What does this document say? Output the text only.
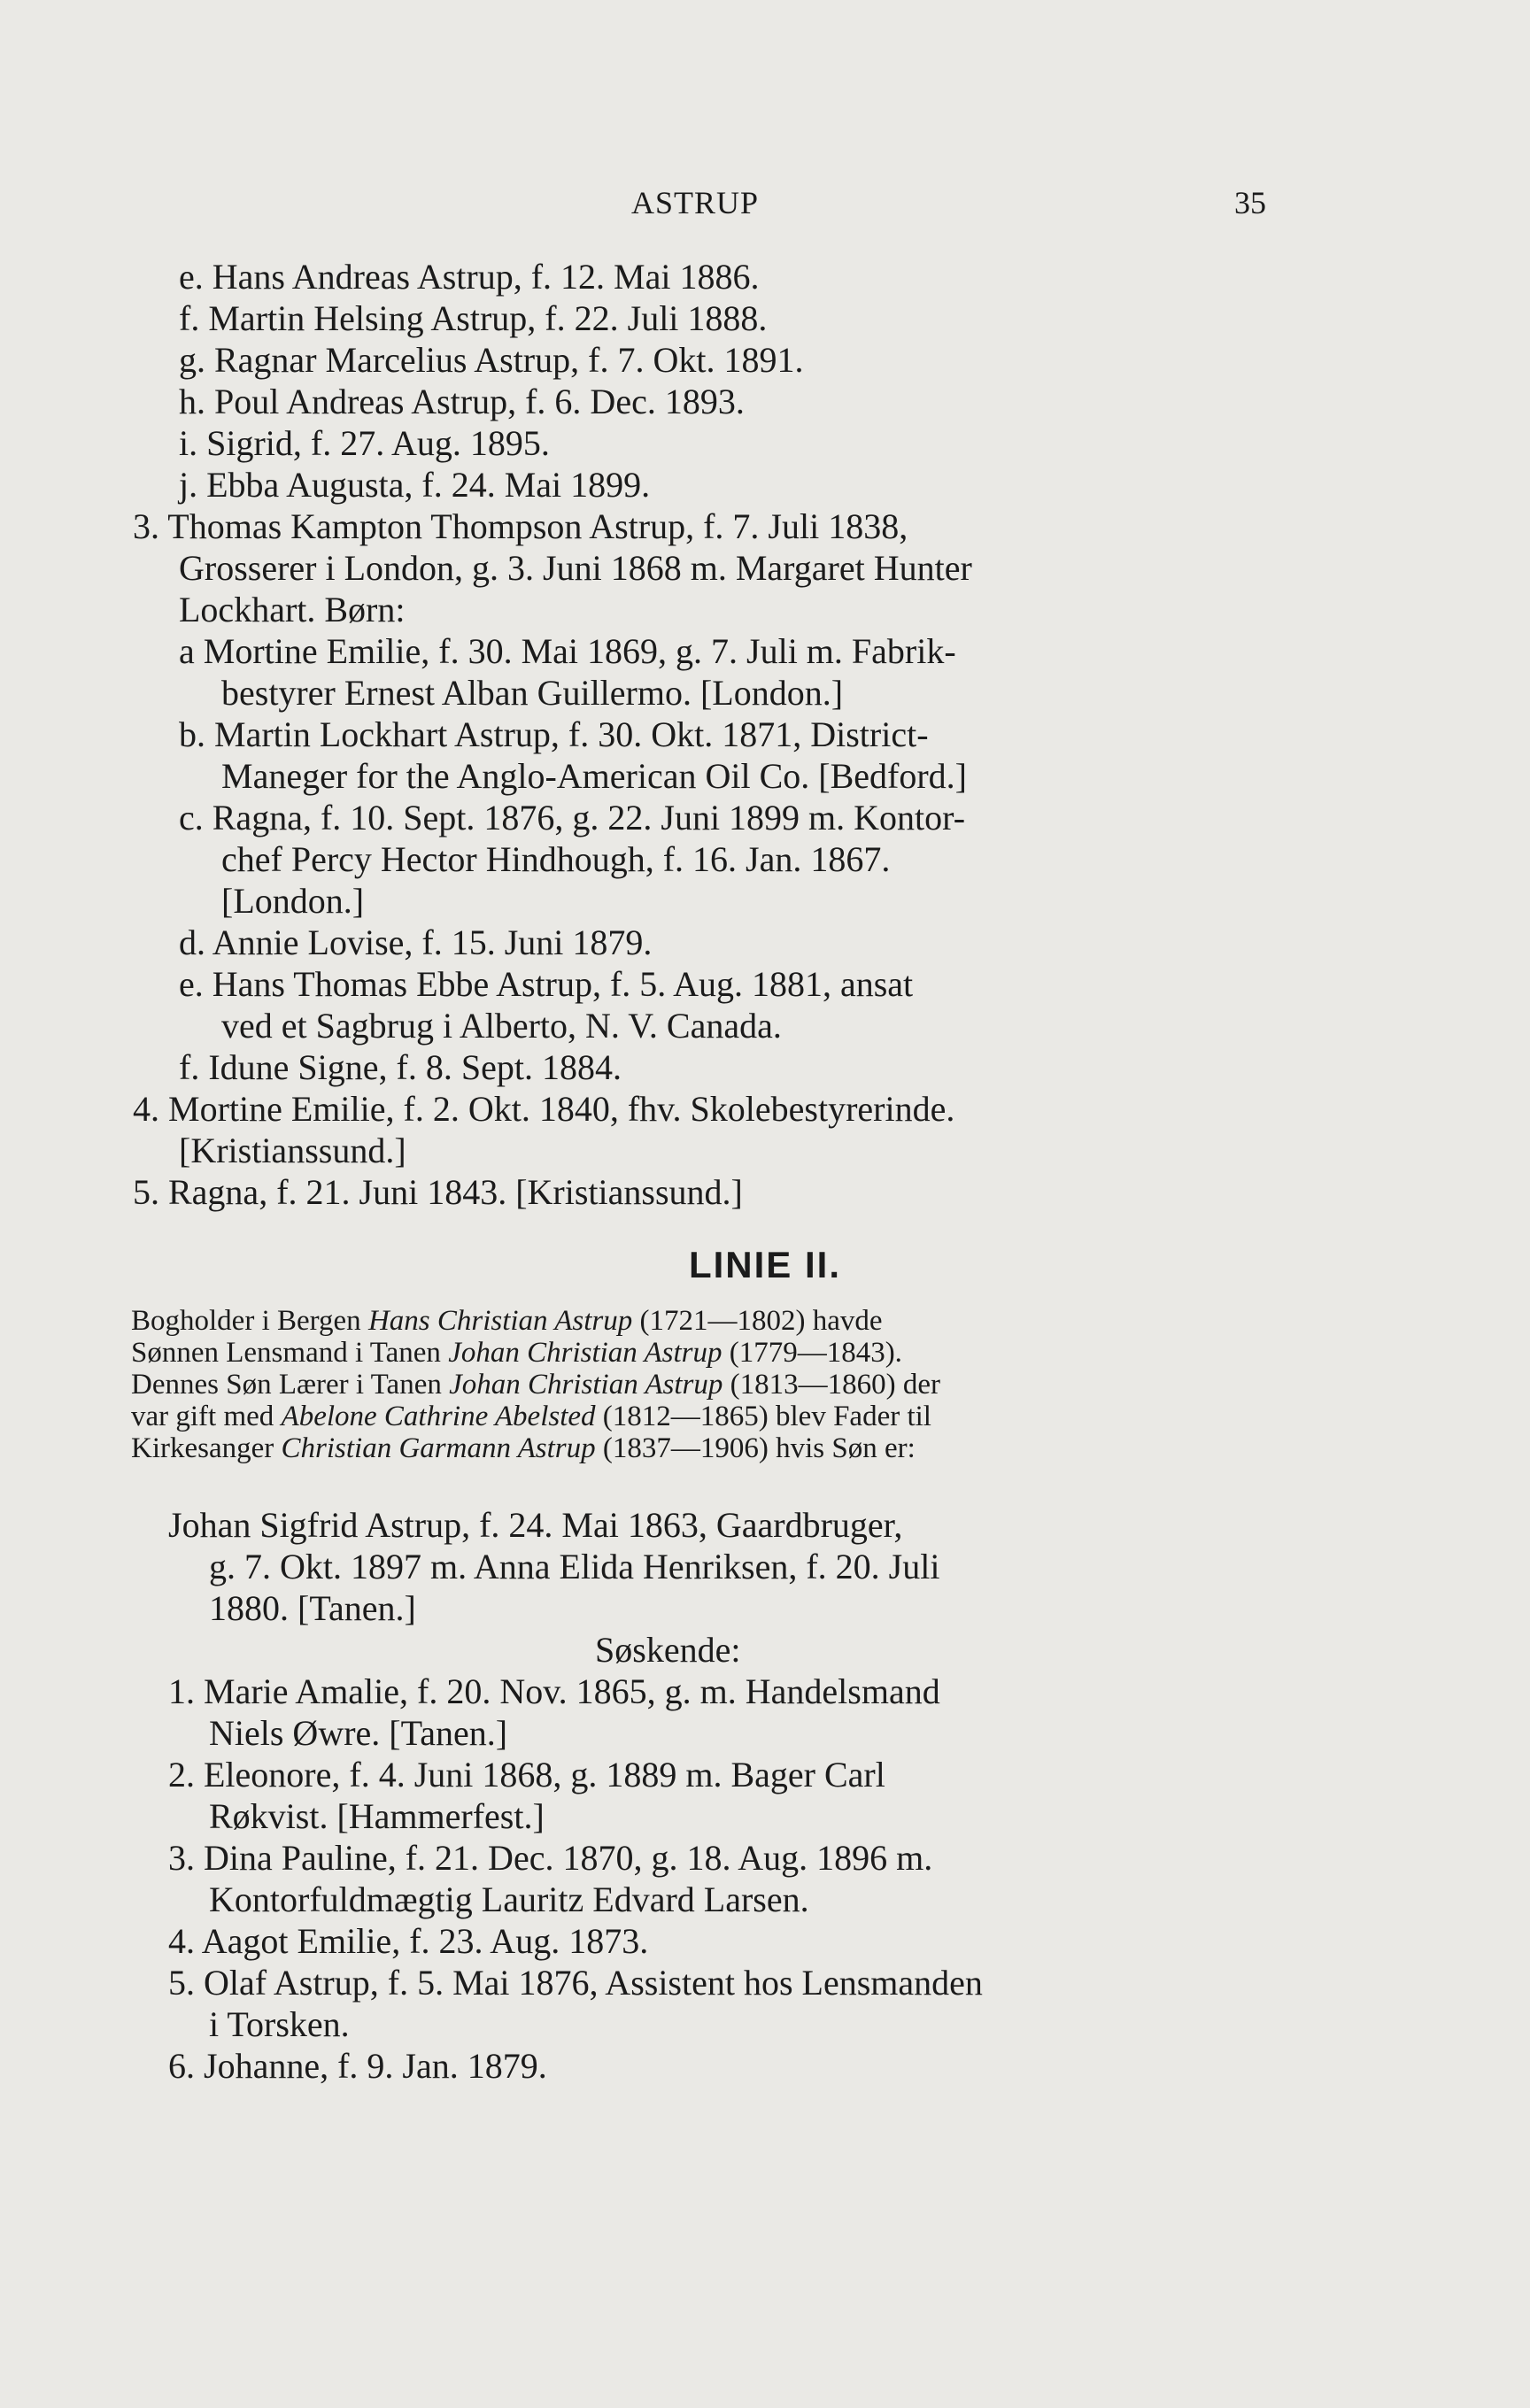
ASTRUP	35
e. Hans Andreas Astrup, f. 12. Mai 1886.
f. Martin Helsing Astrup, f. 22. Juli 1888.
g. Ragnar Marcelius Astrup, f. 7. Okt. 1891.
h. Poul Andreas Astrup, f. 6. Dec. 1893.
i. Sigrid, f. 27. Aug. 1895.
j. Ebba Augusta, f. 24. Mai 1899.
3. Thomas Kampton Thompson Astrup, f. 7. Juli 1838,
Grosserer i London, g. 3. Juni 1868 m. Margaret Hunter
Lockhart. Børn:
a Mortine Emilie, f. 30. Mai 1869, g. 7. Juli m. Fabrik-
bestyrer Ernest Alban Guillermo. [London.]
b. Martin Lockhart Astrup, f. 30. Okt. 1871, District-
Maneger for the Anglo-American Oil Co. [Bedford.]
c. Ragna, f. 10. Sept. 1876, g. 22. Juni 1899 m. Kontor-
chef Percy Hector Hindhough, f. 16. Jan. 1867.
[London.]
d. Annie Lovise, f. 15. Juni 1879.
e. Hans Thomas Ebbe Astrup, f. 5. Aug. 1881, ansat
ved et Sagbrug i Alberto, N. V. Canada.
f. Idune Signe, f. 8. Sept. 1884.
4. Mortine Emilie, f. 2. Okt. 1840, fhv. Skolebestyrerinde.
[Kristianssund.]
5. Ragna, f. 21. Juni 1843. [Kristianssund.]
LINIE II.
Bogholder i Bergen Hans Christian Astrup (1721—1802) havde
Sønnen Lensmand i Tanen Johan Christian Astrup (1779—1843).
Dennes Søn Lærer i Tanen Johan Christian Astrup (1813—1860) der
var gift med Abelone Cathrine Abelsted (1812—1865) blev Fader til
Kirkesanger Christian Garmann Astrup (1837—1906) hvis Søn er:
Johan Sigfrid Astrup, f. 24. Mai 1863, Gaardbruger,
g. 7. Okt. 1897 m. Anna Elida Henriksen, f. 20. Juli
1880. [Tanen.]
Søskende:
1. Marie Amalie, f. 20. Nov. 1865, g. m. Handelsmand
Niels Øwre. [Tanen.]
2. Eleonore, f. 4. Juni 1868, g. 1889 m. Bager Carl
Røkvist. [Hammerfest.]
3. Dina Pauline, f. 21. Dec. 1870, g. 18. Aug. 1896 m.
Kontorfuldmægtig Lauritz Edvard Larsen.
4. Aagot Emilie, f. 23. Aug. 1873.
5. Olaf Astrup, f. 5. Mai 1876, Assistent hos Lensmanden
i Torsken.
6. Johanne, f. 9. Jan. 1879.
